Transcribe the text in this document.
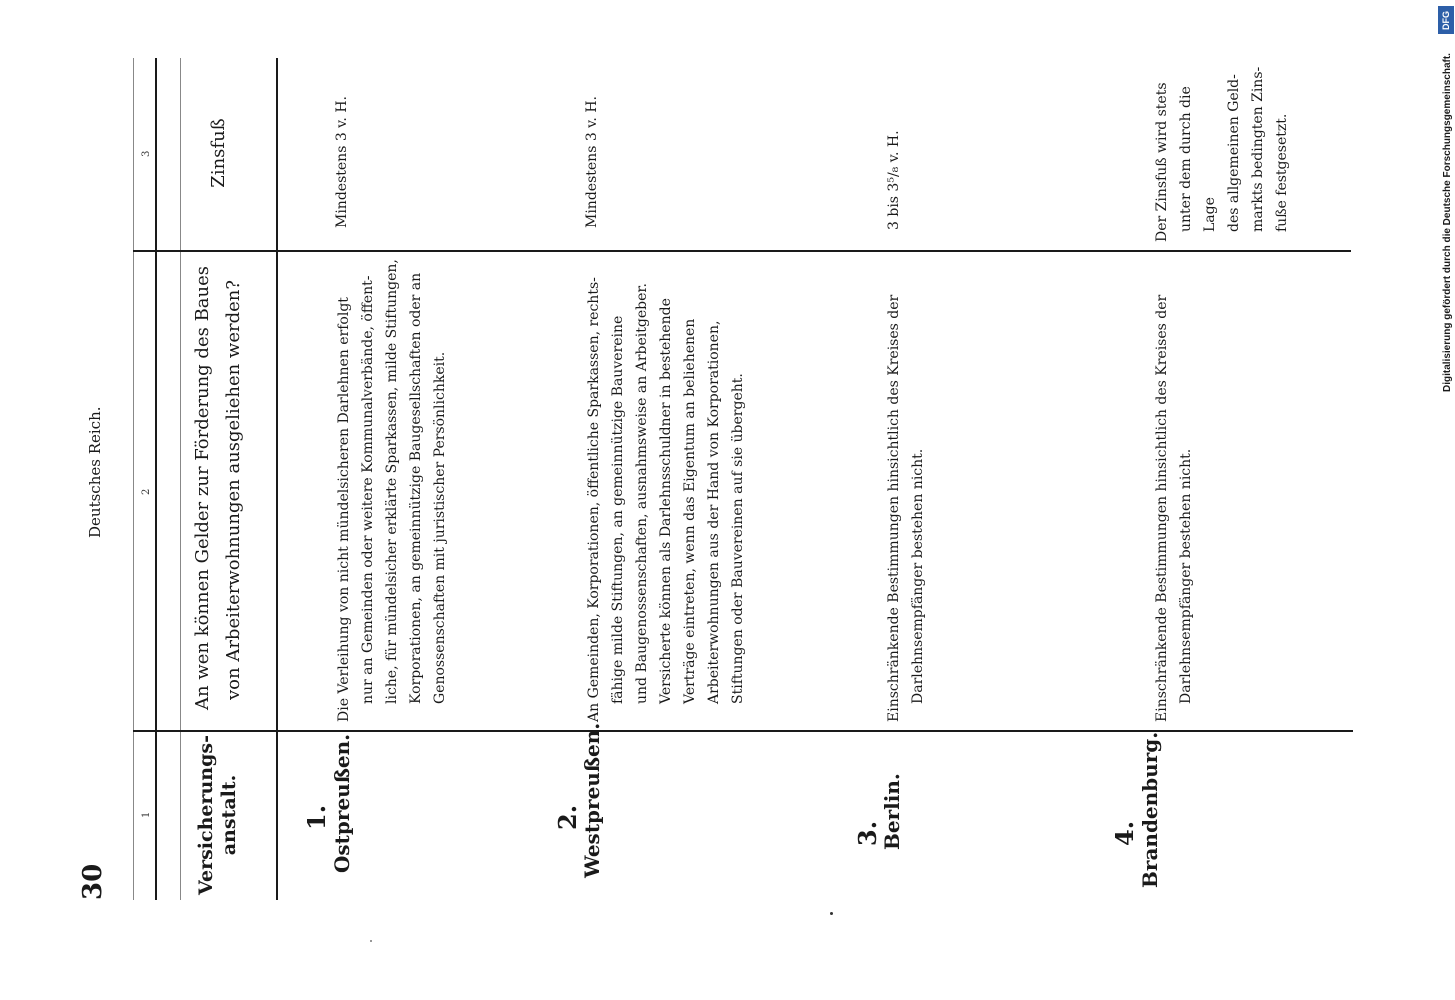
30
Deutsches Reich.
1
2
3
Versicherungs- anstalt.
An wen können Gelder zur Förderung des Baues von Arbeiterwohnungen ausgeliehen werden?
Zinsfuß
1. Ostpreußen.

Die Verleihung von nicht mündelsicheren Darlehnen erfolgt nur an Gemeinden oder weitere Kommunalverbände, öffent- liche, für mündelsicher erklärte Sparkassen, milde Stiftungen, Korporationen, an gemeinnützige Baugesellschaften oder an Genossenschaften mit juristischer Persönlichkeit.

Mindestens 3 v. H.
2.
Westpreußen.

An Gemeinden, Korporationen, öffentliche Sparkassen, rechts- fähige milde Stiftungen, an gemeinnützige Bauvereine und Baugenossenschaften, ausnahmsweise an Arbeitgeber. Versicherte können als Darlehnsschuldner in bestehende Verträge eintreten, wenn das Eigentum an beliehenen Arbeiterwohnungen aus der Hand von Korporationen, Stiftungen oder Bauvereinen auf sie übergeht.

Mindestens 3 v. H.
3.
Berlin.

Einschränkende Bestimmungen hinsichtlich des Kreises der Darlehnsempfänger bestehen nicht.

3 bis 3⁵/₈ v. H.
4. Brandenburg.

Einschränkende Bestimmungen hinsichtlich des Kreises der Darlehnsempfänger bestehen nicht.

Der Zinsfuß wird stets unter dem durch die Lage des allgemeinen Geld- markts bedingten Zins- fuße festgesetzt.	Digitalisierung gefördert durch die Deutsche Forschungsgemeinschaft.
DFG
